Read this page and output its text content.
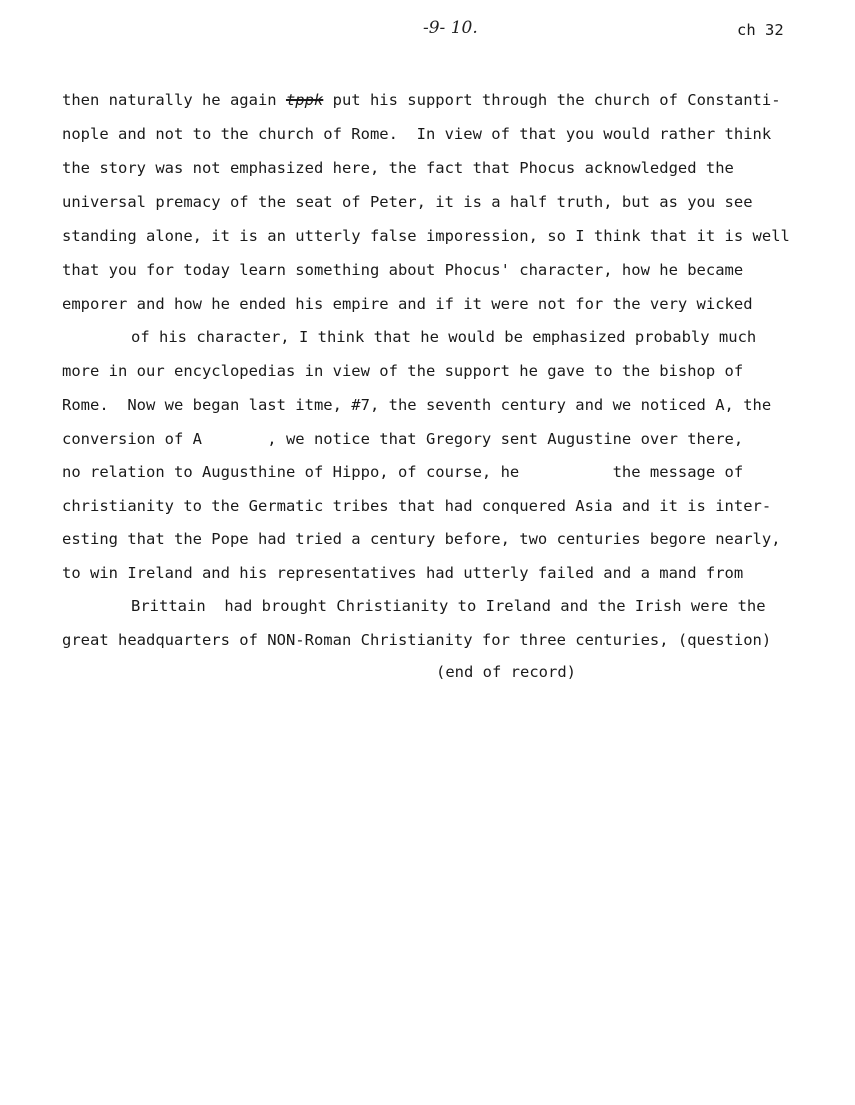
-9- 10.	ch 32
then naturally he again tppk put his support through the church of Constanti-
nople and not to the church of Rome.  In view of that you would rather think
the story was not emphasized here, the fact that Phocus acknowledged the
universal premacy of the seat of Peter, it is a half truth, but as you see
standing alone, it is an utterly false imporession, so I think that it is well
that you for today learn something about Phocus' character, how he became
emporer and how he ended his empire and if it were not for the very wicked
of his character, I think that he would be emphasized probably much
more in our encyclopedias in view of the support he gave to the bishop of
Rome.  Now we began last itme, #7, the seventh century and we noticed A, the
conversion of A       , we notice that Gregory sent Augustine over there,
no relation to Augusthine of Hippo, of course, he          the message of
christianity to the Germatic tribes that had conquered Asia and it is inter-
esting that the Pope had tried a century before, two centuries begore nearly,
to win Ireland and his representatives had utterly failed and a mand from
Brittain  had brought Christianity to Ireland and the Irish were the
great headquarters of NON-Roman Christianity for three centuries, (question)
(end of record)
